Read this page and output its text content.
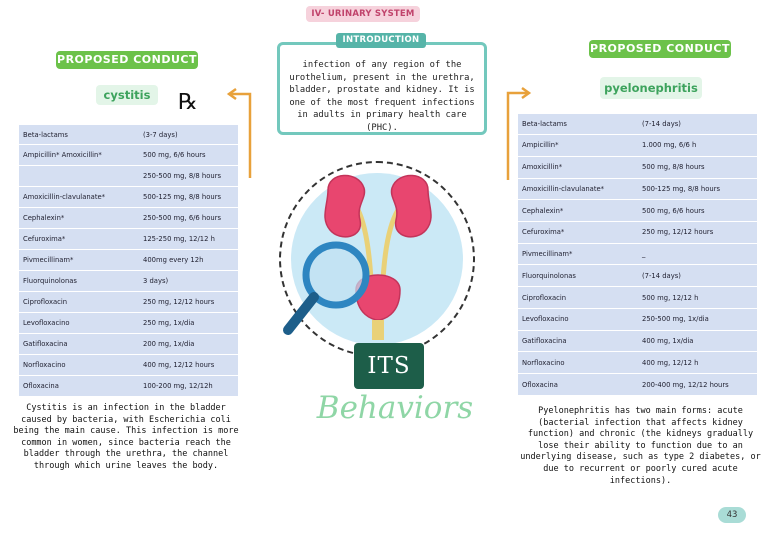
IV- URINARY SYSTEM
PROPOSED CONDUCT
cystitis	℞
Beta-lactams	(3-7 days)
Ampicillin* Amoxicillin*	500 mg, 6/6 hours
	250-500 mg, 8/8 hours
Amoxicillin-clavulanate*	500-125 mg, 8/8 hours
Cephalexin*	250-500 mg, 6/6 hours
Cefuroxima*	125-250 mg, 12/12 h
Pivmecillinam*	400mg every 12h
Fluorquinolonas	3 days)
Ciprofloxacin	250 mg, 12/12 hours
Levofloxacino	250 mg, 1x/dia
Gatifloxacina	200 mg, 1x/dia
Norfloxacino	400 mg, 12/12 hours
Ofloxacina	100-200 mg, 12/12h
Cystitis is an infection in the bladder caused by bacteria, with Escherichia coli being the main cause. This infection is more common in women, since bacteria reach the bladder through the urethra, the channel through which urine leaves the body.
infection of any region of the urothelium, present in the urethra, bladder, prostate and kidney. It is one of the most frequent infections in adults in primary health care (PHC).
INTRODUCTION
ITS
Behaviors
PROPOSED CONDUCT
pyelonephritis
Beta-lactams	(7-14 days)
Ampicillin*	1.000 mg, 6/6 h
Amoxicillin*	500 mg, 8/8 hours
Amoxicillin-clavulanate*	500-125 mg, 8/8 hours
Cephalexin*	500 mg, 6/6 hours
Cefuroxima*	250 mg, 12/12 hours
Pivmecillinam*	_
Fluorquinolonas	(7-14 days)
Ciprofloxacin	500 mg, 12/12 h
Levofloxacino	250-500 mg, 1x/dia
Gatifloxacina	400 mg, 1x/dia
Norfloxacino	400 mg, 12/12 h
Ofloxacina	200-400 mg, 12/12 hours
Pyelonephritis has two main forms: acute (bacterial infection that affects kidney function) and chronic (the kidneys gradually lose their ability to function due to an underlying disease, such as type 2 diabetes, or due to recurrent or poorly cured acute infections).
43
